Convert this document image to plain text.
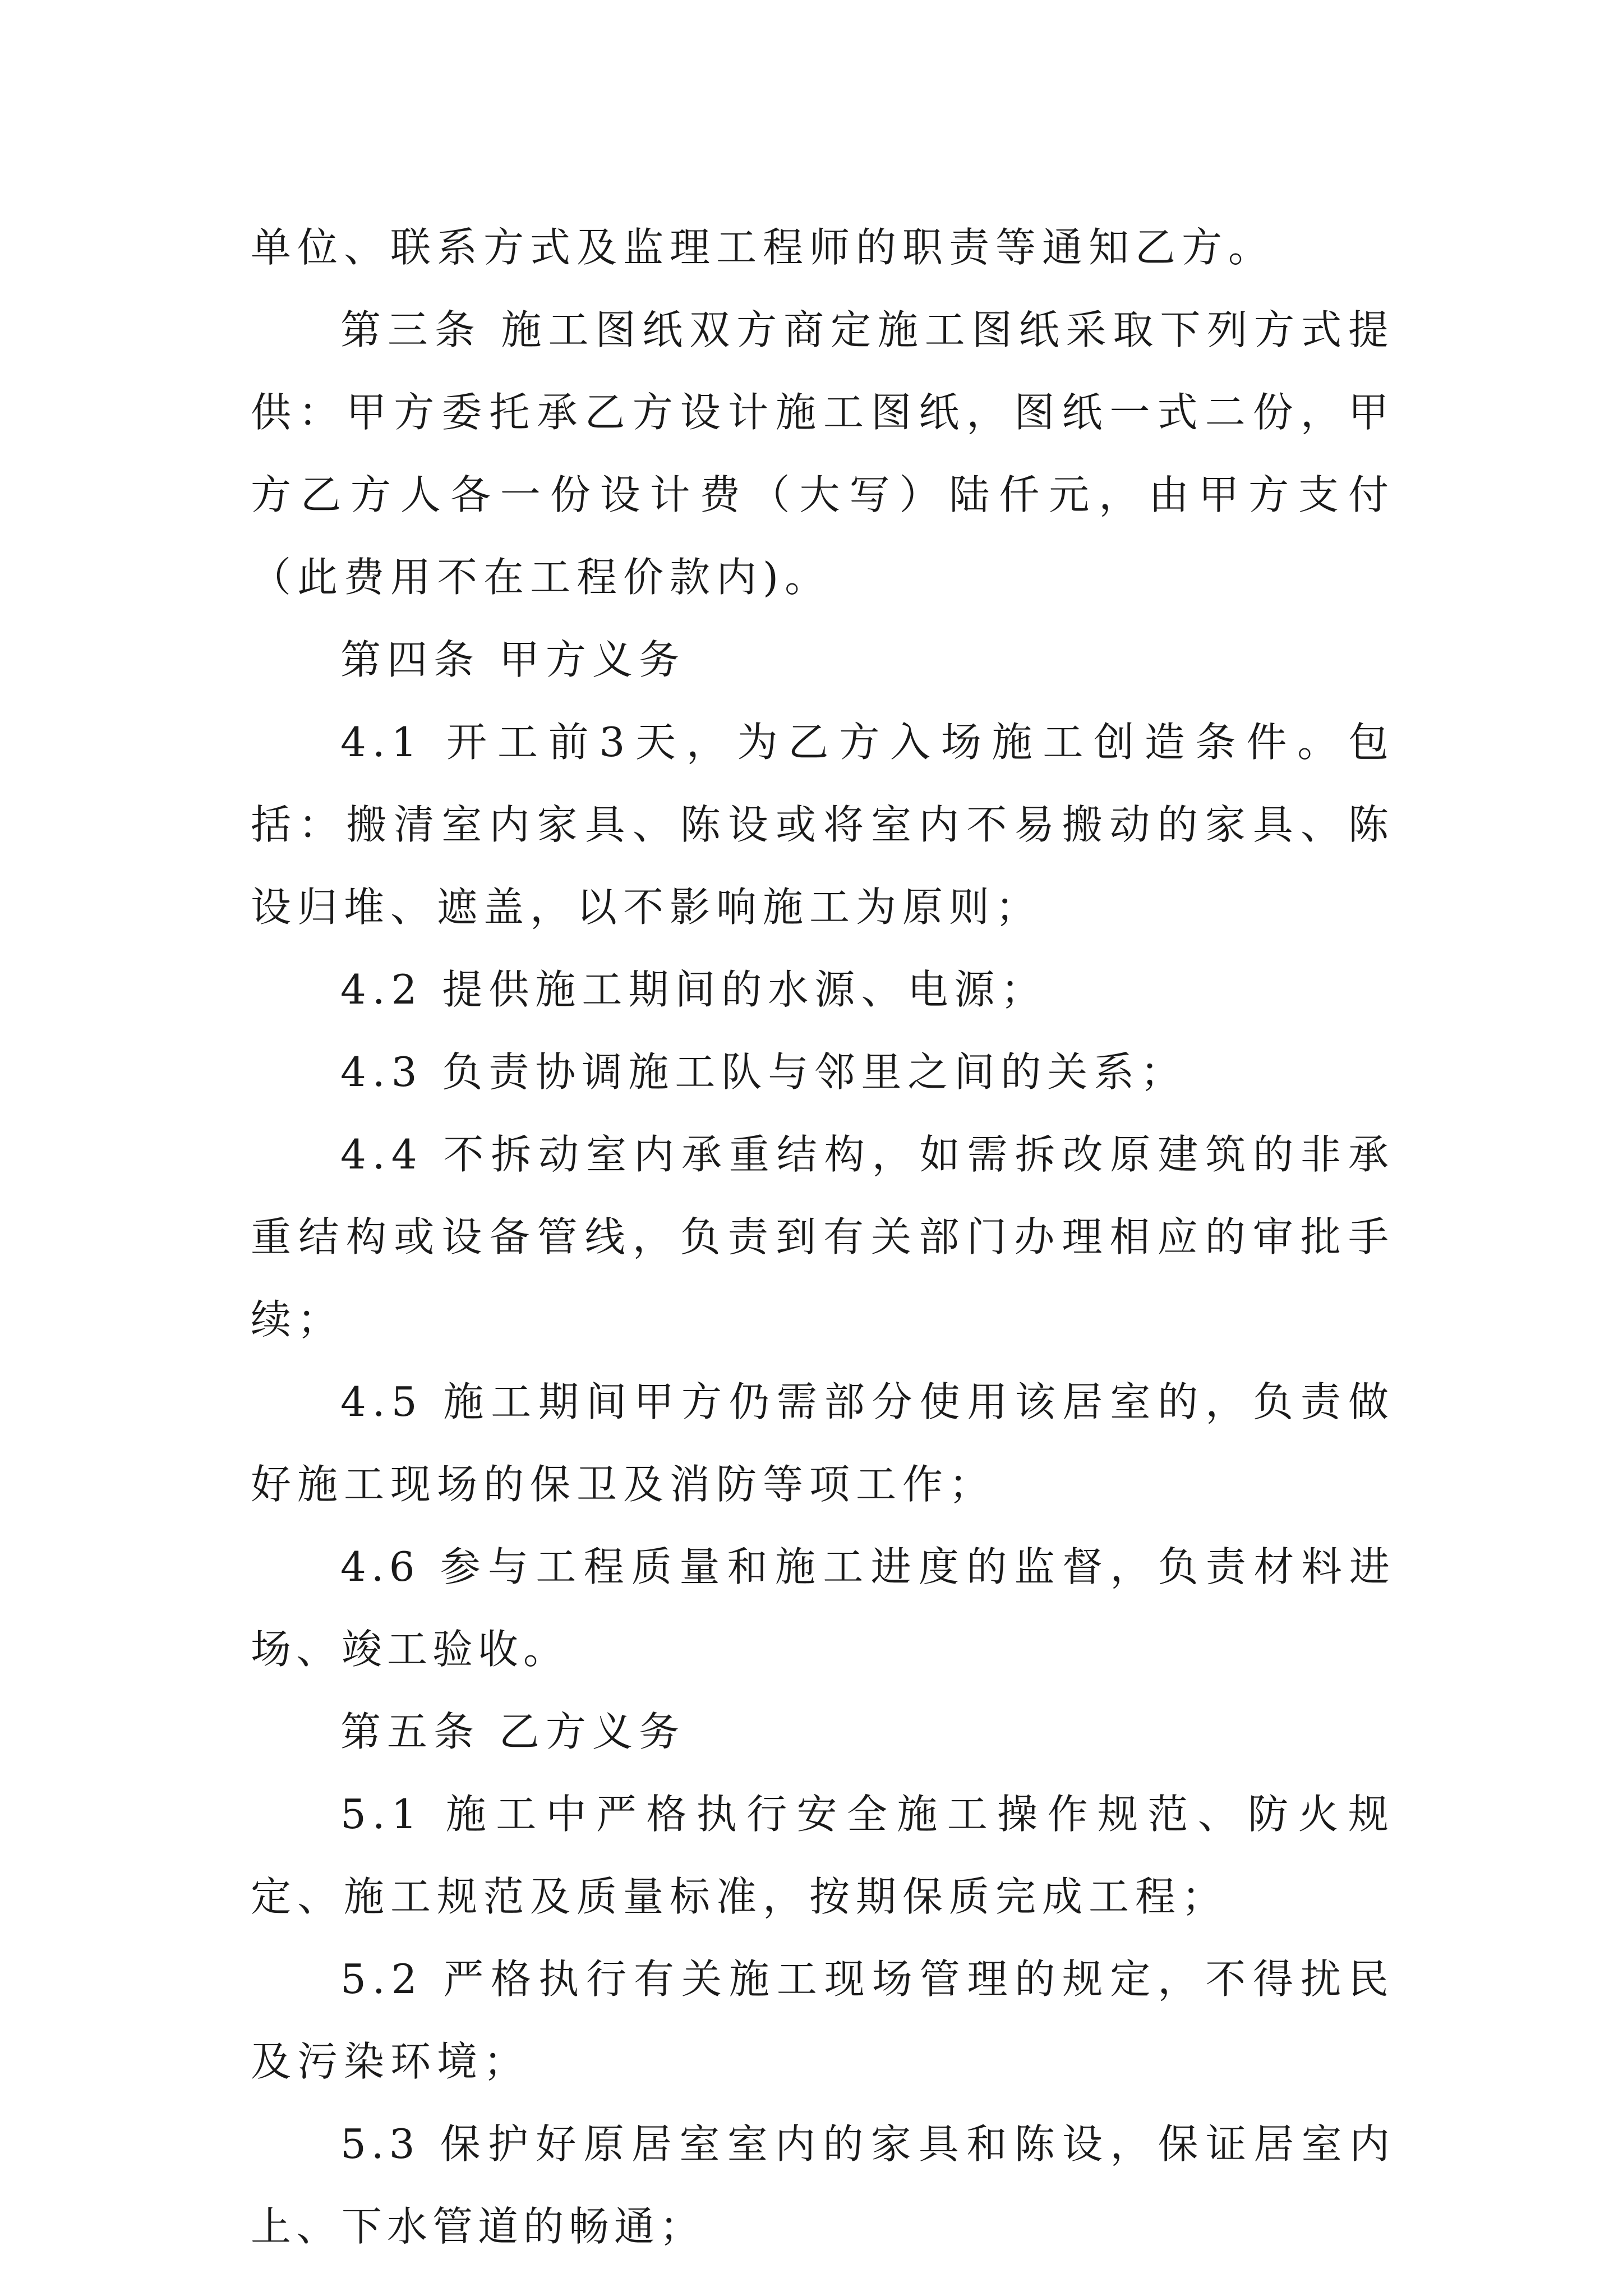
单位、联系方式及监理工程师的职责等通知乙方。

第三条 施工图纸双方商定施工图纸采取下列方式提供：甲方委托承乙方设计施工图纸，图纸一式二份，甲方乙方人各一份设计费（大写）陆仟元，由甲方支付（此费用不在工程价款内)。

第四条 甲方义务

4.1 开工前3天，为乙方入场施工创造条件。包括：搬清室内家具、陈设或将室内不易搬动的家具、陈设归堆、遮盖，以不影响施工为原则；

4.2 提供施工期间的水源、电源；

4.3 负责协调施工队与邻里之间的关系；

4.4 不拆动室内承重结构，如需拆改原建筑的非承重结构或设备管线，负责到有关部门办理相应的审批手续；

4.5 施工期间甲方仍需部分使用该居室的，负责做好施工现场的保卫及消防等项工作；

4.6 参与工程质量和施工进度的监督，负责材料进场、竣工验收。

第五条 乙方义务

5.1 施工中严格执行安全施工操作规范、防火规定、施工规范及质量标准，按期保质完成工程；

5.2 严格执行有关施工现场管理的规定，不得扰民及污染环境；

5.3 保护好原居室室内的家具和陈设，保证居室内上、下水管道的畅通；
